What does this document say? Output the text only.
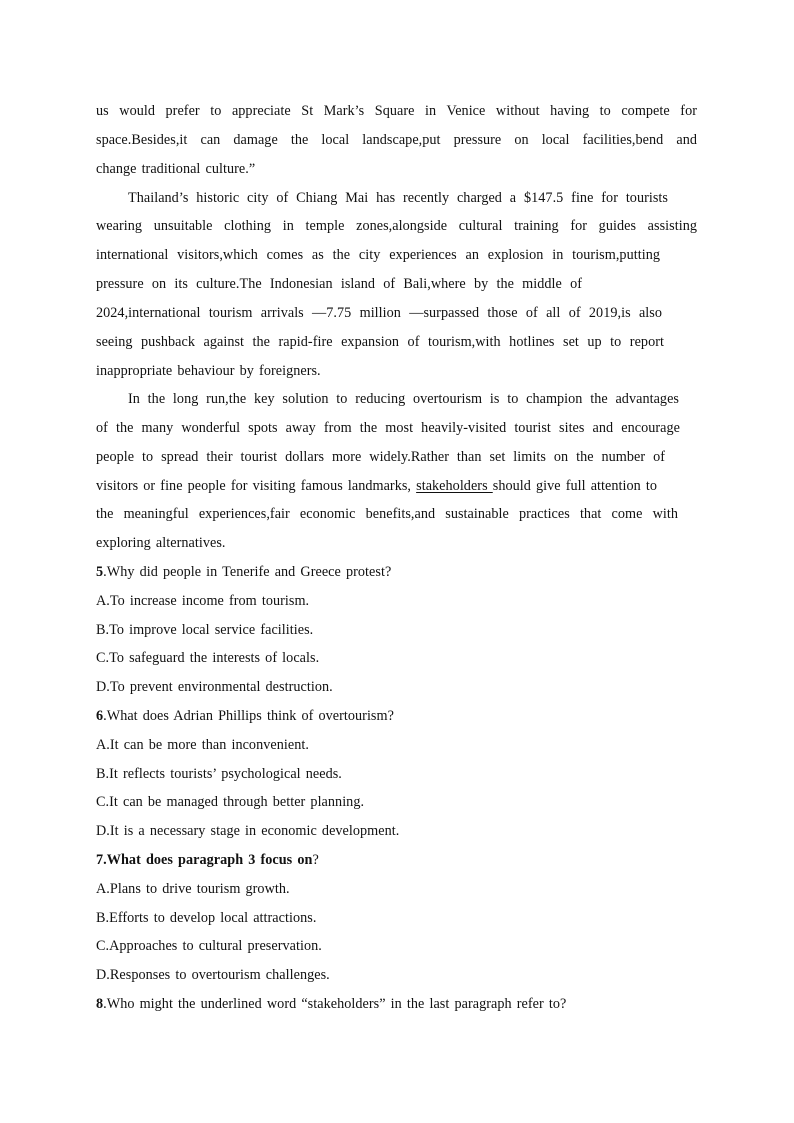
us would prefer to appreciate St Mark’s Square in Venice without having to compete for
space.Besides,it can damage the local landscape,put pressure on local facilities,bend and
change traditional culture.”
Thailand’s historic city of Chiang Mai has recently charged a $147.5 fine for tourists
wearing unsuitable clothing in temple zones,alongside cultural training for guides assisting
international visitors,which comes as the city experiences an explosion in tourism,putting
pressure on its culture.The Indonesian island of Bali,where by the middle of
2024,international tourism arrivals —7.75 million —surpassed those of all of 2019,is also
seeing pushback against the rapid-fire expansion of tourism,with hotlines set up to report
inappropriate behaviour by foreigners.
In the long run,the key solution to reducing overtourism is to champion the advantages
of the many wonderful spots away from the most heavily-visited tourist sites and encourage
people to spread their tourist dollars more widely.Rather than set limits on the number of
visitors or fine people for visiting famous landmarks, stakeholders should give full attention to
the meaningful experiences,fair economic benefits,and sustainable practices that come with
exploring alternatives.
5.Why did people in Tenerife and Greece protest?
A.To increase income from tourism.
B.To improve local service facilities.
C.To safeguard the interests of locals.
D.To prevent environmental destruction.
6.What does Adrian Phillips think of overtourism?
A.It can be more than inconvenient.
B.It reflects tourists’ psychological needs.
C.It can be managed through better planning.
D.It is a necessary stage in economic development.
7.What does paragraph 3 focus on?
A.Plans to drive tourism growth.
B.Efforts to develop local attractions.
C.Approaches to cultural preservation.
D.Responses to overtourism challenges.
8.Who might the underlined word “stakeholders” in the last paragraph refer to?
